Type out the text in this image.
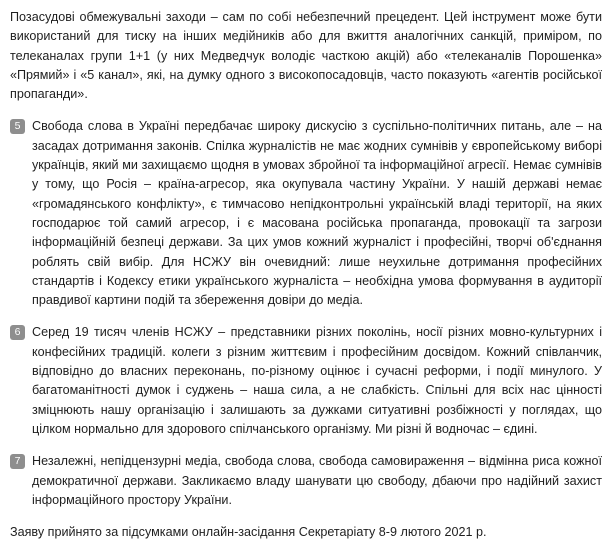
Позасудові обмежувальні заходи – сам по собі небезпечний прецедент. Цей інструмент може бути використаний для тиску на інших медійників або для вжиття аналогічних санкцій, приміром, по телеканалах групи 1+1 (у них Медведчук володіє часткою акцій) або «телеканалів Порошенка» «Прямий» і «5 канал», які, на думку одного з високопосадовців, часто показують «агентів російської пропаганди».
5 Свобода слова в Україні передбачає широку дискусію з суспільно-політичних питань, але – на засадах дотримання законів. Спілка журналістів не має жодних сумнівів у європейському виборі українців, який ми захищаємо щодня в умовах збройної та інформаційної агресії. Немає сумнівів у тому, що Росія – країна-агресор, яка окупувала частину України. У нашій державі немає «громадянського конфлікту», є тимчасово непідконтрольні українській владі території, на яких господарює той самий агресор, і є масована російська пропаганда, провокації та загрози інформаційній безпеці держави. За цих умов кожний журналіст і професійні, творчі об'єднання роблять свій вибір. Для НСЖУ він очевидний: лише неухильне дотримання професійних стандартів і Кодексу етики українського журналіста – необхідна умова формування в аудиторії правдивої картини подій та збереження довіри до медіа.
6 Серед 19 тисяч членів НСЖУ – представники різних поколінь, носії різних мовно-культурних і конфесійних традицій. колеги з різним життєвим і професійним досвідом. Кожний співланчик, відповідно до власних переконань, по-різному оцінює і сучасні реформи, і події минулого. У багатоманітності думок і суджень – наша сила, а не слабкість. Спільні для всіх нас цінності зміцнюють нашу організацію і залишають за дужками ситуативні розбіжності у поглядах, що цілком нормально для здорового спілчанського організму. Ми різні й водночас – єдині.
7 Незалежні, непідцензурні медіа, свобода слова, свобода самовираження – відмінна риса кожної демократичної держави. Закликаємо владу шанувати цю свободу, дбаючи про надійний захист інформаційного простору України.
Заяву прийнято за підсумками онлайн-засідання Секретаріату 8-9 лютого 2021 р.
